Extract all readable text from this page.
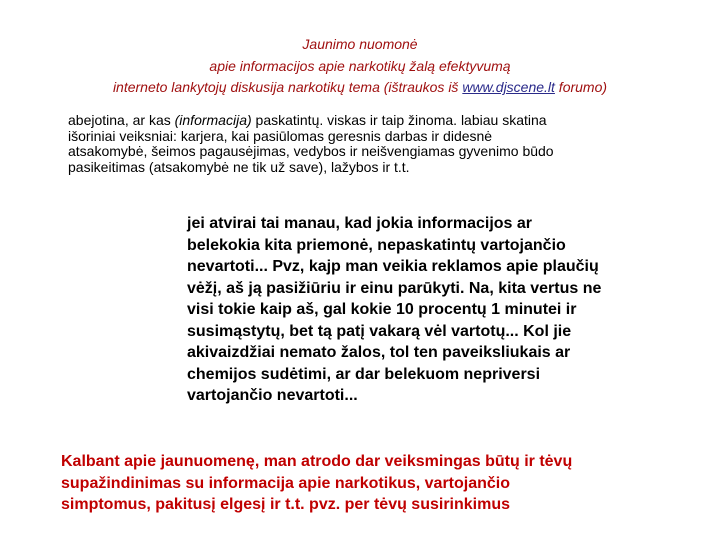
Jaunimo nuomonė
apie informacijos apie narkotikų žalą efektyvumą
interneto lankytojų diskusija narkotikų tema (ištraukos iš www.djscene.lt forumo)
abejotina, ar kas (informacija) paskatintų. viskas ir taip žinoma. labiau skatina
išoriniai veiksniai: karjera, kai pasiūlomas geresnis darbas ir didesnė
atsakomybė, šeimos pagausėjimas, vedybos ir neišvengiamas gyvenimo būdo
pasikeitimas (atsakomybė ne tik už save), lažybos ir t.t.
jei atvirai tai manau, kad jokia informacijos ar
belekokia kita priemonė, nepaskatintų vartojančio
nevartoti... Pvz, kajp man veikia reklamos apie plaučių
vėžį, aš ją pasižiūriu ir einu parūkyti. Na, kita vertus ne
visi tokie kaip aš, gal kokie 10 procentų 1 minutei ir
susimąstytų, bet tą patį vakarą vėl vartotų... Kol jie
akivaizdžiai nemato žalos, tol ten paveiksliukais ar
chemijos sudėtimi, ar dar belekuom nepriversi
vartojančio nevartoti...
Kalbant apie jaunuomenę, man atrodo dar veiksmingas būtų ir tėvų
supažindinimas su informacija apie narkotikus, vartojančio
simptomus, pakitusį elgesį ir t.t. pvz. per tėvų susirinkimus
